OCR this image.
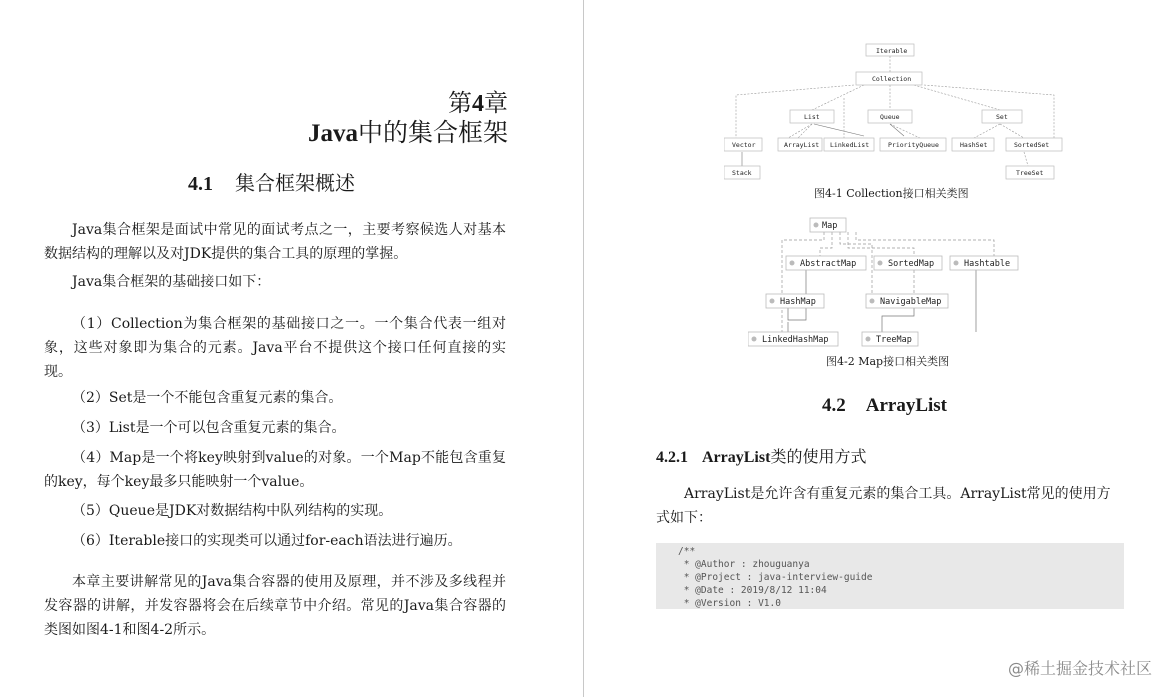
第4章
Java中的集合框架
4.1 集合框架概述
Java集合框架是面试中常见的面试考点之一，主要考察候选人对基本数据结构的理解以及对JDK提供的集合工具的原理的掌握。
Java集合框架的基础接口如下：
（1）Collection为集合框架的基础接口之一。一个集合代表一组对象，这些对象即为集合的元素。Java平台不提供这个接口任何直接的实现。
（2）Set是一个不能包含重复元素的集合。
（3）List是一个可以包含重复元素的集合。
（4）Map是一个将key映射到value的对象。一个Map不能包含重复的key，每个key最多只能映射一个value。
（5）Queue是JDK对数据结构中队列结构的实现。
（6）Iterable接口的实现类可以通过for-each语法进行遍历。
本章主要讲解常见的Java集合容器的使用及原理，并不涉及多线程并发容器的讲解，并发容器将会在后续章节中介绍。常见的Java集合容器的类图如图4-1和图4-2所示。
Iterable
Collection
List	Queue	Set
Vector	ArrayList LinkedList	PriorityQueue	HashSet	SortedSet
Stack	TreeSet
图4-1 Collection接口相关类图
Map
AbstractMap	SortedMap	Hashtable
HashMap	NavigableMap
LinkedHashMap	TreeMap
图4-2 Map接口相关类图
4.2 ArrayList
4.2.1 ArrayList类的使用方式
ArrayList是允许含有重复元素的集合工具。ArrayList常见的使用方式如下：
/**
* @Author : zhouguanya
* @Project : java-interview-guide
* @Date : 2019/8/12 11:04
* @Version : V1.0
@稀土掘金技术社区
